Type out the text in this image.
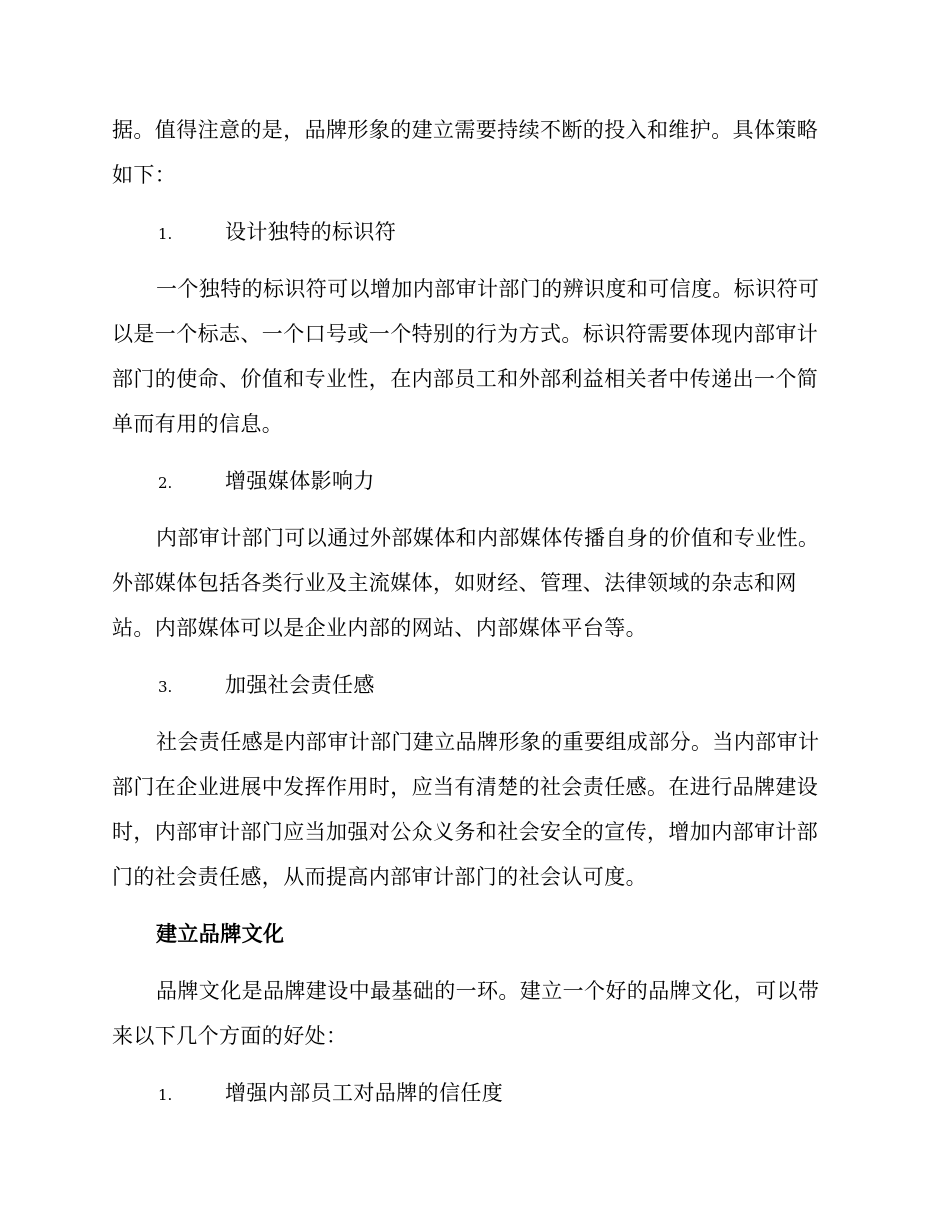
据。值得注意的是，品牌形象的建立需要持续不断的投入和维护。具体策略如下：

1.	设计独特的标识符

一个独特的标识符可以增加内部审计部门的辨识度和可信度。标识符可以是一个标志、一个口号或一个特别的行为方式。标识符需要体现内部审计部门的使命、价值和专业性，在内部员工和外部利益相关者中传递出一个简单而有用的信息。

2.	增强媒体影响力

内部审计部门可以通过外部媒体和内部媒体传播自身的价值和专业性。外部媒体包括各类行业及主流媒体，如财经、管理、法律领域的杂志和网站。内部媒体可以是企业内部的网站、内部媒体平台等。

3.	加强社会责任感

社会责任感是内部审计部门建立品牌形象的重要组成部分。当内部审计部门在企业进展中发挥作用时，应当有清楚的社会责任感。在进行品牌建设时，内部审计部门应当加强对公众义务和社会安全的宣传，增加内部审计部门的社会责任感，从而提高内部审计部门的社会认可度。

建立品牌文化

品牌文化是品牌建设中最基础的一环。建立一个好的品牌文化，可以带来以下几个方面的好处：

1.	增强内部员工对品牌的信任度
